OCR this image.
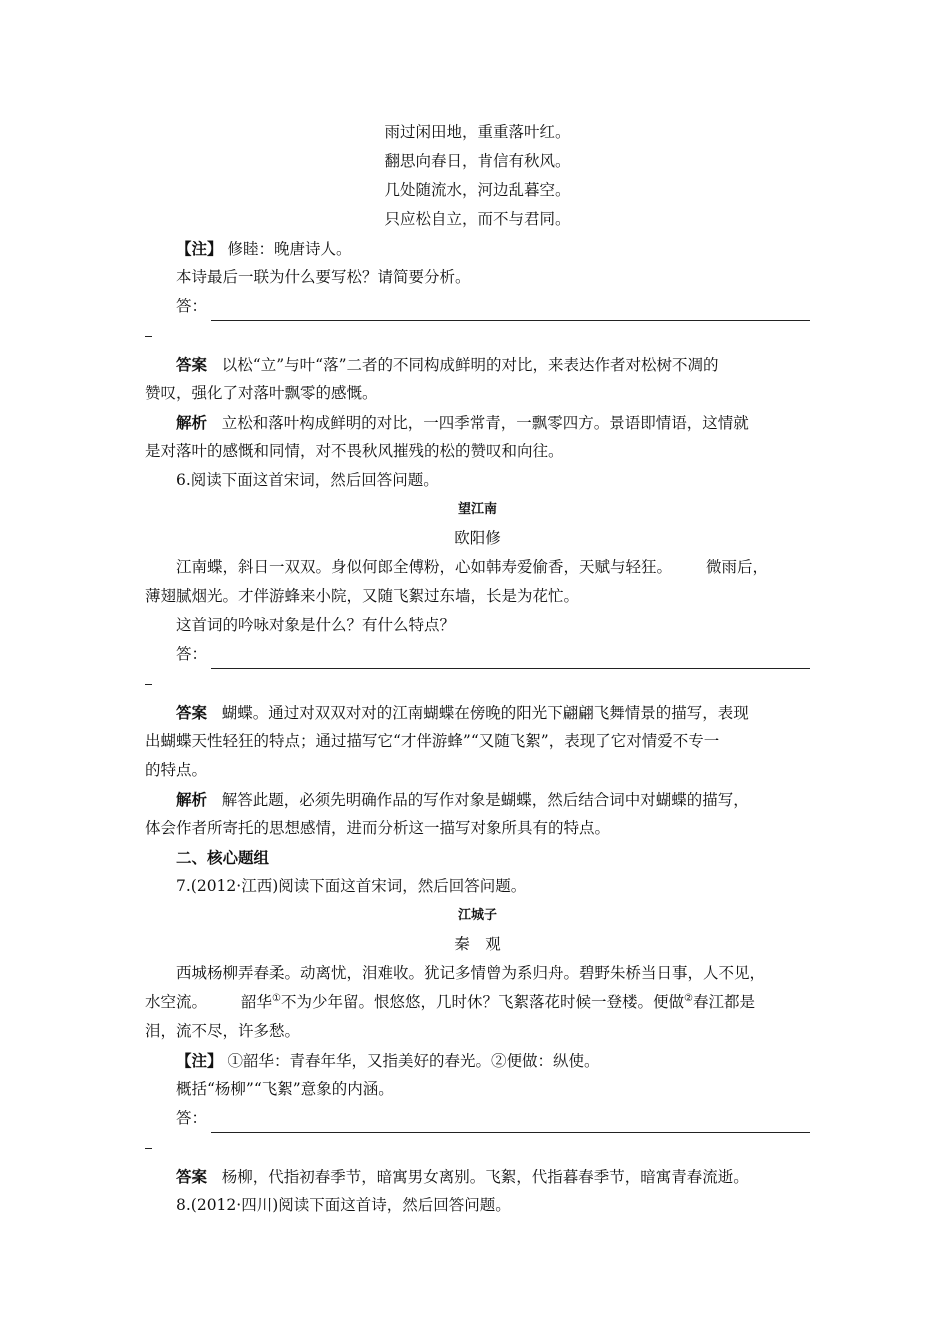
雨过闲田地，重重落叶红。
翻思向春日，肯信有秋风。
几处随流水，河边乱暮空。
只应松自立，而不与君同。
【注】 修睦：晚唐诗人。
本诗最后一联为什么要写松？请简要分析。
答：
答案 以松“立”与叶“落”二者的不同构成鲜明的对比，来表达作者对松树不凋的
赞叹，强化了对落叶飘零的感慨。
解析 立松和落叶构成鲜明的对比，一四季常青，一飘零四方。景语即情语，这情就
是对落叶的感慨和同情，对不畏秋风摧残的松的赞叹和向往。
6.阅读下面这首宋词，然后回答问题。
望江南
欧阳修
江南蝶，斜日一双双。身似何郎全傅粉，心如韩寿爱偷香，天赋与轻狂。 微雨后，
薄翅腻烟光。才伴游蜂来小院，又随飞絮过东墙，长是为花忙。
这首词的吟咏对象是什么？有什么特点？
答：
答案 蝴蝶。通过对双双对对的江南蝴蝶在傍晚的阳光下翩翩飞舞情景的描写，表现
出蝴蝶天性轻狂的特点；通过描写它“才伴游蜂”“又随飞絮”，表现了它对情爱不专一
的特点。
解析 解答此题，必须先明确作品的写作对象是蝴蝶，然后结合词中对蝴蝶的描写，
体会作者所寄托的思想感情，进而分析这一描写对象所具有的特点。
二、核心题组
7.(2012·江西)阅读下面这首宋词，然后回答问题。
江城子
秦　观
西城杨柳弄春柔。动离忧，泪难收。犹记多情曾为系归舟。碧野朱桥当日事，人不见，
水空流。 韶华①不为少年留。恨悠悠，几时休？飞絮落花时候一登楼。便做②春江都是
泪，流不尽，许多愁。
【注】 ①韶华：青春年华，又指美好的春光。②便做：纵使。
概括“杨柳”“飞絮”意象的内涵。
答：
答案 杨柳，代指初春季节，暗寓男女离别。飞絮，代指暮春季节，暗寓青春流逝。
8.(2012·四川)阅读下面这首诗，然后回答问题。
